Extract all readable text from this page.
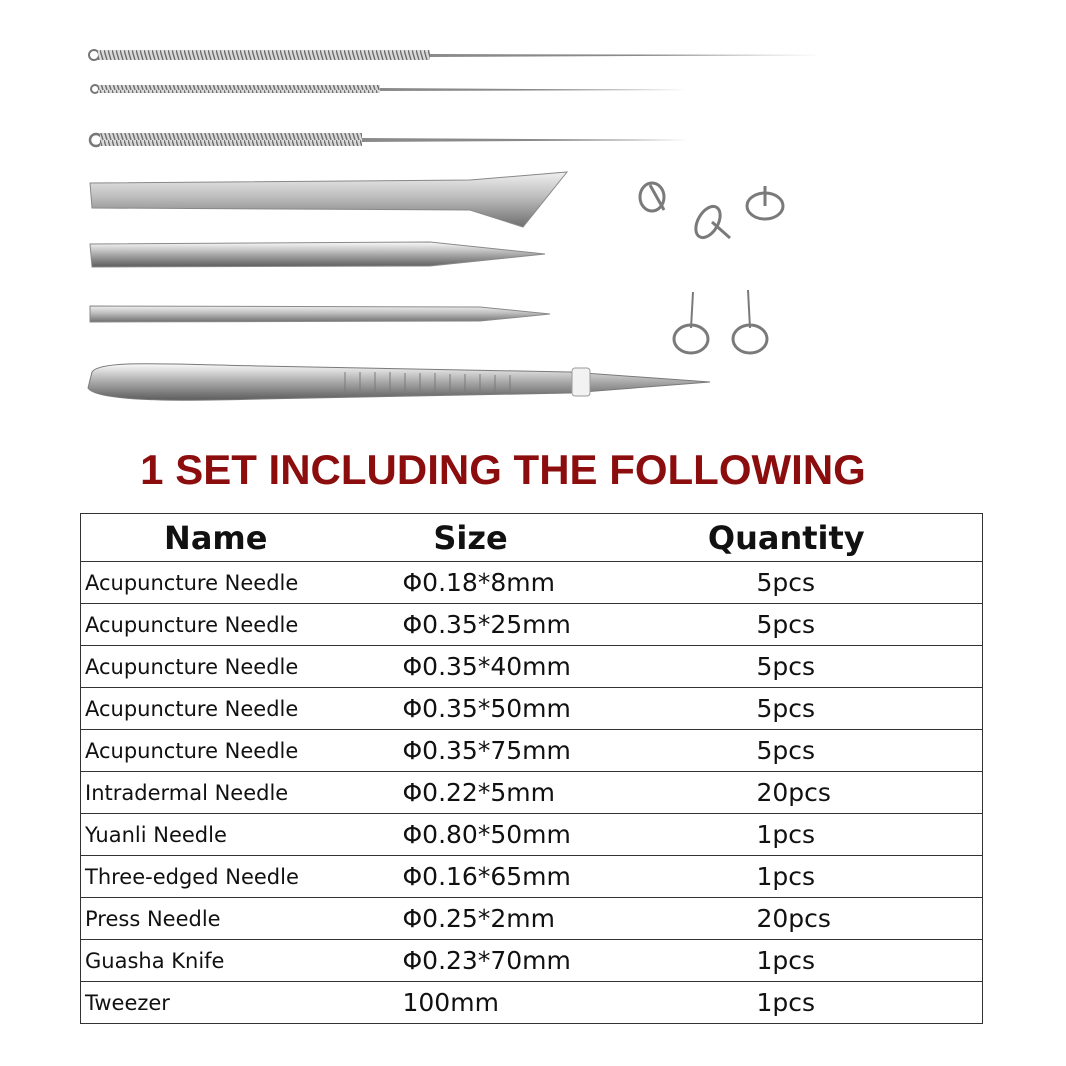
1 SET INCLUDING THE FOLLOWING
Name	Size	Quantity
Acupuncture Needle	Φ0.18*8mm	5pcs
Acupuncture Needle	Φ0.35*25mm	5pcs
Acupuncture Needle	Φ0.35*40mm	5pcs
Acupuncture Needle	Φ0.35*50mm	5pcs
Acupuncture Needle	Φ0.35*75mm	5pcs
Intradermal Needle	Φ0.22*5mm	20pcs
Yuanli Needle	Φ0.80*50mm	1pcs
Three-edged Needle	Φ0.16*65mm	1pcs
Press Needle	Φ0.25*2mm	20pcs
Guasha Knife	Φ0.23*70mm	1pcs
Tweezer	100mm	1pcs
